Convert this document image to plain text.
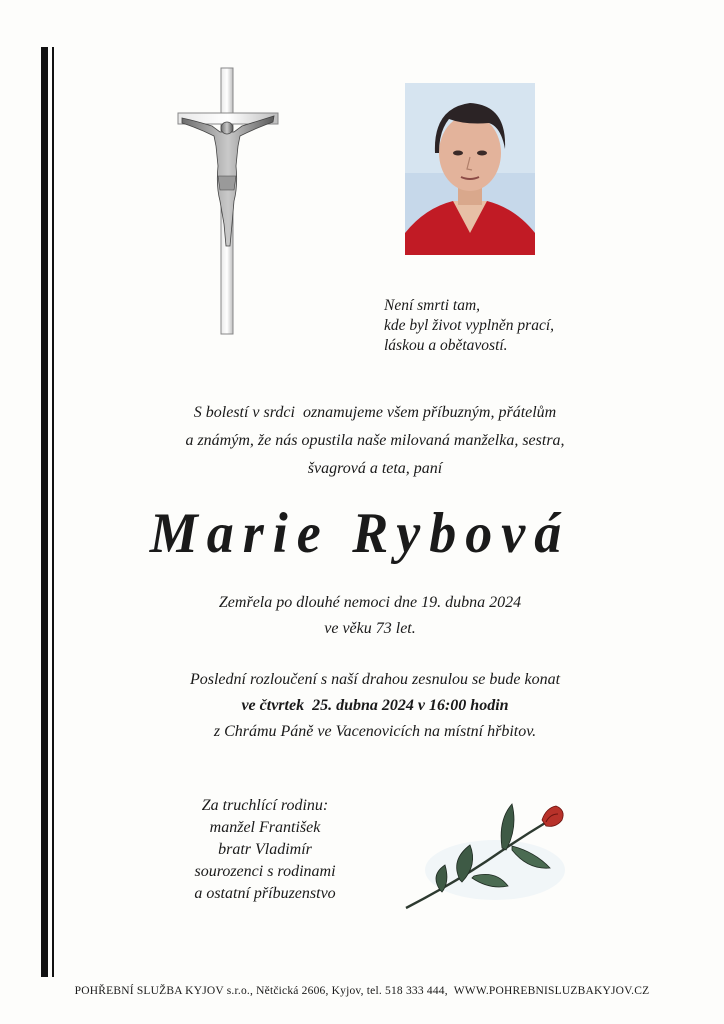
Není smrti tam,
kde byl život vyplněn prací,
láskou a obětavostí.
S bolestí v srdci  oznamujeme všem příbuzným, přátelům
a známým, že nás opustila naše milovaná manželka, sestra,
švagrová a teta, paní
Marie Rybová
Zemřela po dlouhé nemoci dne 19. dubna 2024
ve věku 73 let.
Poslední rozloučení s naší drahou zesnulou se bude konat
ve čtvrtek  25. dubna 2024 v 16:00 hodin
z Chrámu Páně ve Vacenovicích na místní hřbitov.
Za truchlící rodinu:
manžel František
bratr Vladimír
sourozenci s rodinami
a ostatní příbuzenstvo
POHŘEBNÍ SLUŽBA KYJOV s.r.o., Nětčická 2606, Kyjov, tel. 518 333 444,  WWW.POHREBNISLUZBAKYJOV.CZ
